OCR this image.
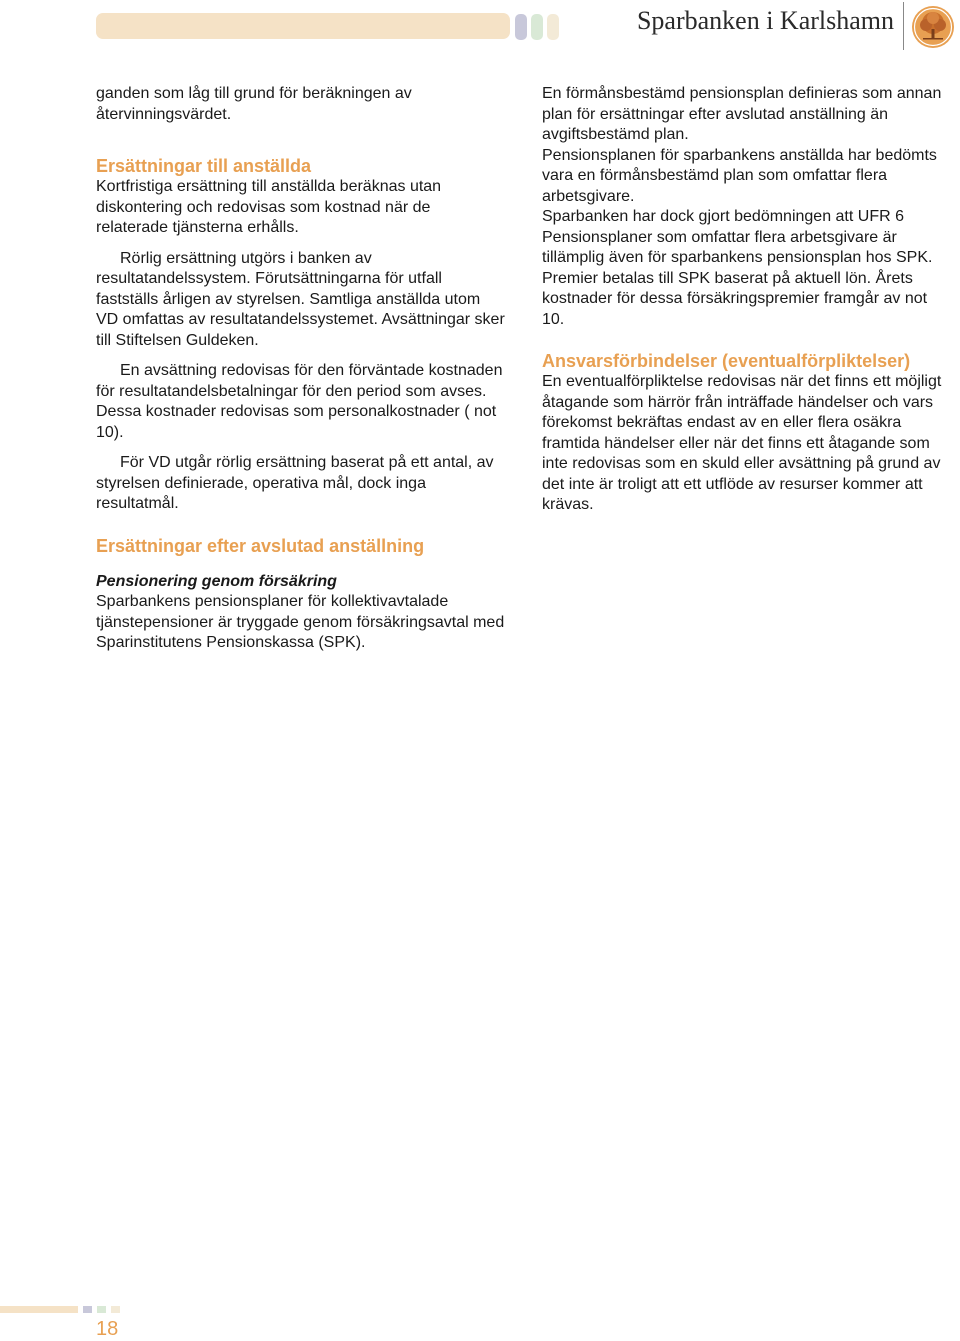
Sparbanken i Karlshamn

ganden som låg till grund för beräkningen av återvinningsvärdet.

Ersättningar till anställda

Kortfristiga ersättning till anställda beräknas utan diskontering och redovisas som kostnad när de relaterade tjänsterna erhålls.

Rörlig ersättning utgörs i banken av resultatandelssystem. Förutsättningarna för utfall fastställs årligen av styrelsen. Samtliga anställda utom VD omfattas av resultatandelssystemet. Avsättningar sker till Stiftelsen Guldeken.

En avsättning redovisas för den förväntade kostnaden för resultatandelsbetalningar för den period som avses. Dessa kostnader redovisas som personalkostnader ( not 10).

För VD utgår rörlig ersättning baserat på ett antal, av styrelsen definierade, operativa mål, dock inga resultatmål.

Ersättningar efter avslutad anställning
Pensionering genom försäkring

Sparbankens pensionsplaner för kollektivavtalade tjänstepensioner är tryggade genom försäkringsavtal med Sparinstitutens Pensionskassa (SPK).

En förmånsbestämd pensionsplan definieras som annan plan för ersättningar efter avslutad anställning än avgiftsbestämd plan.

Pensionsplanen för sparbankens anställda har bedömts vara en förmånsbestämd plan som omfattar flera arbetsgivare.

Sparbanken har dock gjort bedömningen att UFR 6 Pensionsplaner som omfattar flera arbetsgivare är tillämplig även för sparbankens pensionsplan hos SPK.

Premier betalas till SPK baserat på aktuell lön. Årets kostnader för dessa försäkringspremier framgår av not 10.

Ansvarsförbindelser (eventualförpliktelser)

En eventualförpliktelse redovisas när det finns ett möjligt åtagande som härrör från inträffade händelser och vars förekomst bekräftas endast av en eller flera osäkra framtida händelser eller när det finns ett åtagande som inte redovisas som en skuld eller avsättning på grund av det inte är troligt att ett utflöde av resurser kommer att krävas.

18
